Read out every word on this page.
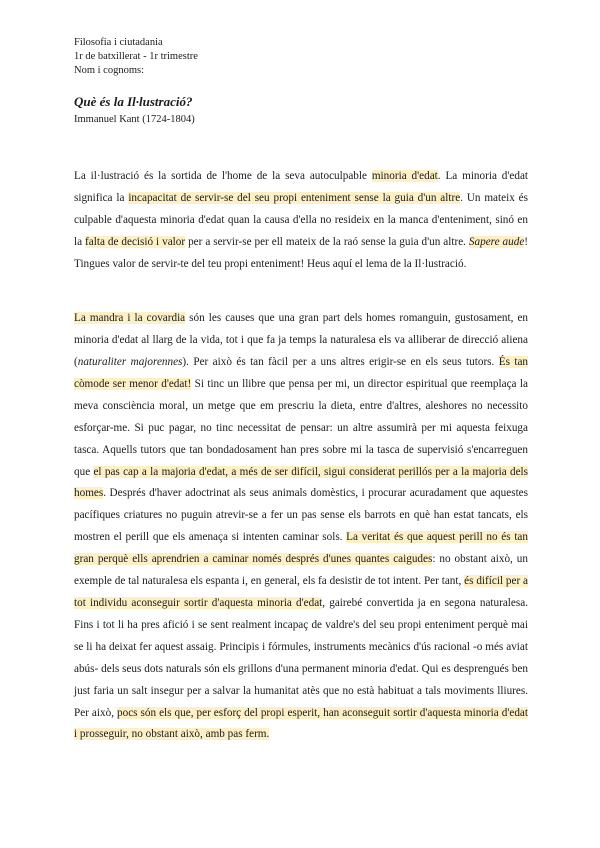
Filosofia i ciutadania
1r de batxillerat - 1r trimestre
Nom i cognoms:
Què és la Il·lustració?
Immanuel Kant (1724-1804)

La il·lustració és la sortida de l'home de la seva autoculpable minoria d'edat. La minoria d'edat significa la incapacitat de servir-se del seu propi enteniment sense la guia d'un altre. Un mateix és culpable d'aquesta minoria d'edat quan la causa d'ella no resideix en la manca d'enteniment, sinó en la falta de decisió i valor per a servir-se per ell mateix de la raó sense la guia d'un altre. Sapere aude! Tingues valor de servir-te del teu propi enteniment! Heus aquí el lema de la Il·lustració.

La mandra i la covardia són les causes que una gran part dels homes romanguin, gustosament, en minoria d'edat al llarg de la vida, tot i que fa ja temps la naturalesa els va alliberar de direcció aliena (naturaliter majorennes). Per això és tan fàcil per a uns altres erigir-se en els seus tutors. És tan còmode ser menor d'edat! Si tinc un llibre que pensa per mi, un director espiritual que reemplaça la meva consciència moral, un metge que em prescriu la dieta, entre d'altres, aleshores no necessito esforçar-me. Si puc pagar, no tinc necessitat de pensar: un altre assumirà per mi aquesta feixuga tasca. Aquells tutors que tan bondadosament han pres sobre mi la tasca de supervisió s'encarreguen que el pas cap a la majoria d'edat, a més de ser difícil, sigui considerat perillós per a la majoria dels homes. Després d'haver adoctrinat als seus animals domèstics, i procurar acuradament que aquestes pacífiques criatures no puguin atrevir-se a fer un pas sense els barrots en què han estat tancats, els mostren el perill que els amenaça si intenten caminar sols. La veritat és que aquest perill no és tan gran perquè ells aprendrien a caminar només després d'unes quantes caigudes: no obstant això, un exemple de tal naturalesa els espanta i, en general, els fa desistir de tot intent. Per tant, és difícil per a tot individu aconseguir sortir d'aquesta minoria d'edat, gairebé convertida ja en segona naturalesa. Fins i tot li ha pres afició i se sent realment incapaç de valdre's del seu propi enteniment perquè mai se li ha deixat fer aquest assaig. Principis i fórmules, instruments mecànics d'ús racional -o més aviat abús- dels seus dots naturals són els grillons d'una permanent minoria d'edat. Qui es desprengués ben just faria un salt insegur per a salvar la humanitat atès que no està habituat a tals moviments lliures. Per això, pocs són els que, per esforç del propi esperit, han aconseguit sortir d'aquesta minoria d'edat i prosseguir, no obstant això, amb pas ferm.
